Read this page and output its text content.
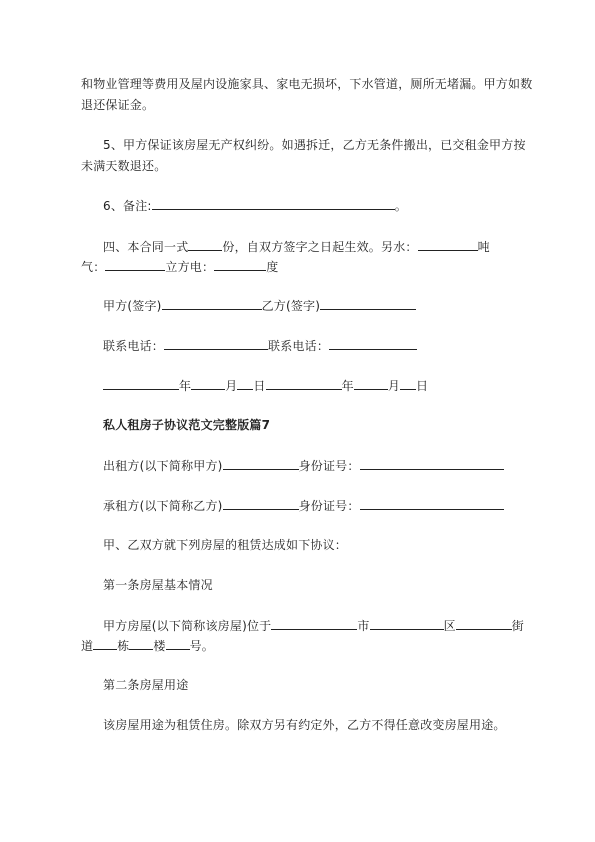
和物业管理等费用及屋内设施家具、家电无损坏，下水管道，厕所无堵漏。甲方如数
退还保证金。
5、甲方保证该房屋无产权纠纷。如遇拆迁，乙方无条件搬出，已交租金甲方按
未满天数退还。
6、备注:	。
四、本合同一式	份，自双方签字之日起生效。另水：	吨
气：	立方电：	度
甲方(签字)	乙方(签字)
联系电话：	联系电话：
年	月 日	年	月 日
私人租房子协议范文完整版篇7
出租方(以下简称甲方)	身份证号：
承租方(以下简称乙方)	身份证号：
甲、乙双方就下列房屋的租赁达成如下协议：
第一条房屋基本情况
甲方房屋(以下简称该房屋)位于	市	区	街
道 栋 楼 号。
第二条房屋用途
该房屋用途为租赁住房。除双方另有约定外，乙方不得任意改变房屋用途。
